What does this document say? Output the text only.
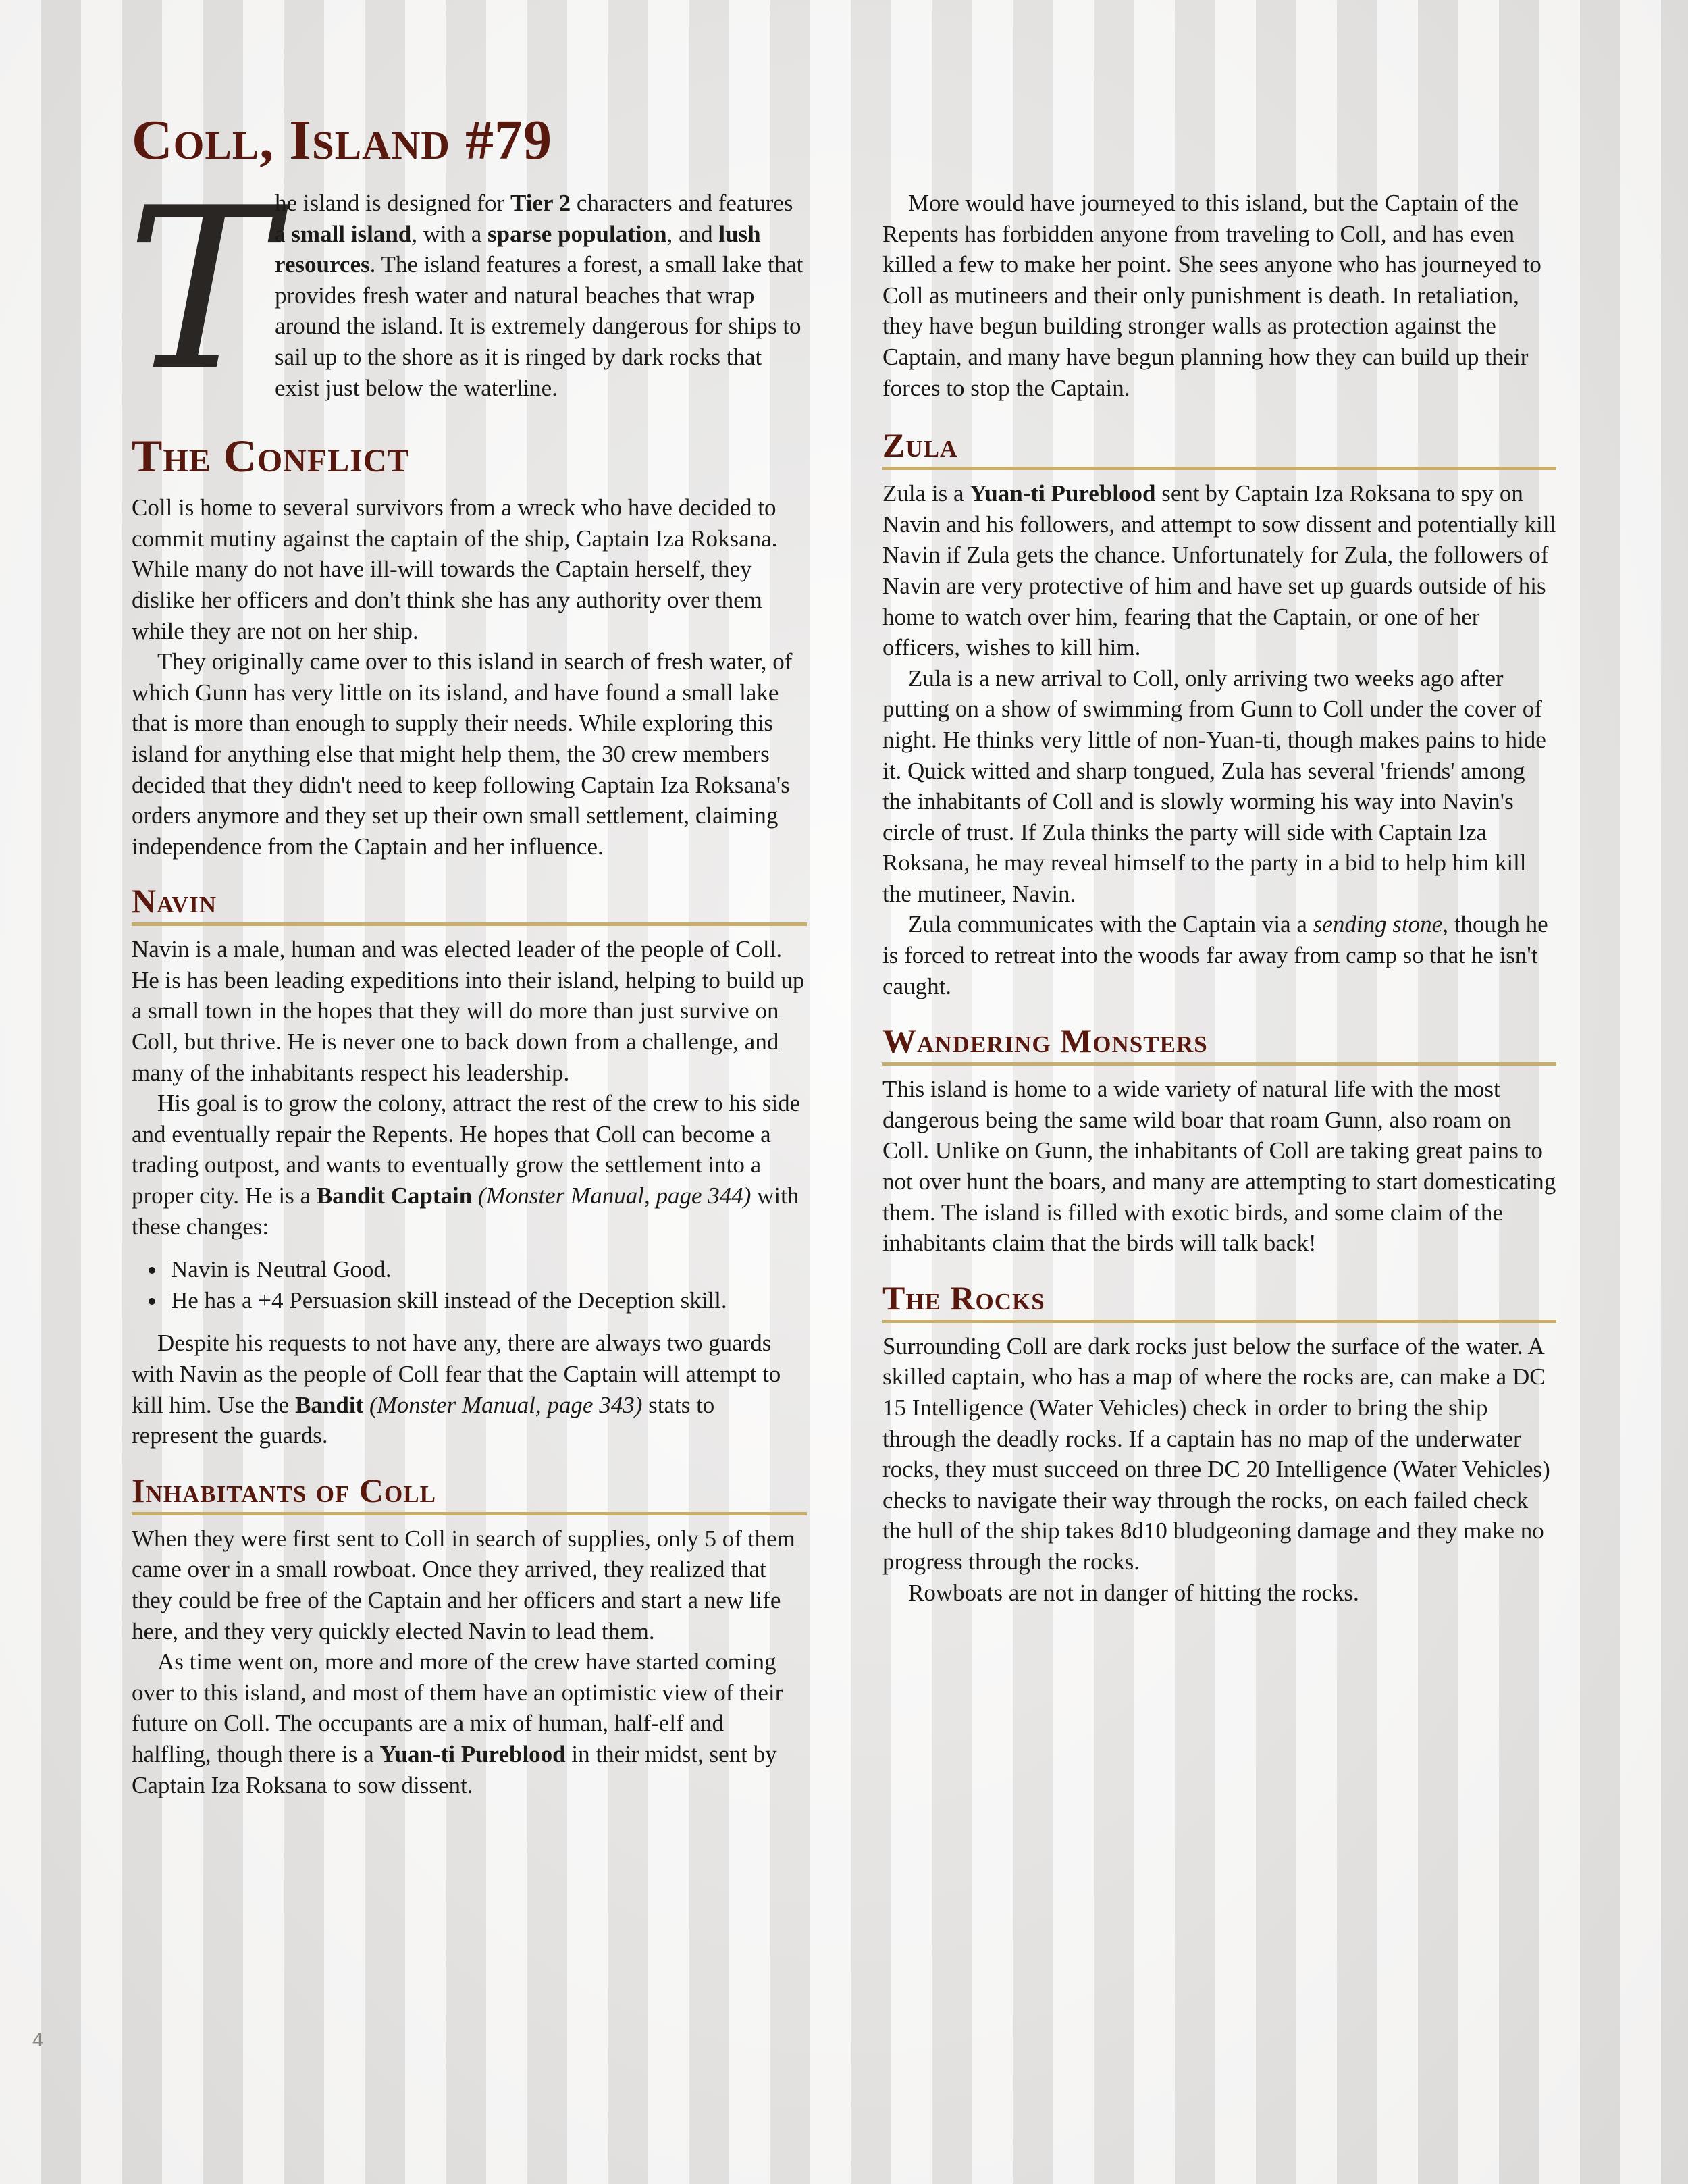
Coll, Island #79

The island is designed for Tier 2 characters and features a small island, with a sparse population, and lush resources. The island features a forest, a small lake that provides fresh water and natural beaches that wrap around the island. It is extremely dangerous for ships to sail up to the shore as it is ringed by dark rocks that exist just below the waterline.

The Conflict

Coll is home to several survivors from a wreck who have decided to commit mutiny against the captain of the ship, Captain Iza Roksana. While many do not have ill-will towards the Captain herself, they dislike her officers and don't think she has any authority over them while they are not on her ship.

They originally came over to this island in search of fresh water, of which Gunn has very little on its island, and have found a small lake that is more than enough to supply their needs. While exploring this island for anything else that might help them, the 30 crew members decided that they didn't need to keep following Captain Iza Roksana's orders anymore and they set up their own small settlement, claiming independence from the Captain and her influence.

Navin

Navin is a male, human and was elected leader of the people of Coll. He is has been leading expeditions into their island, helping to build up a small town in the hopes that they will do more than just survive on Coll, but thrive. He is never one to back down from a challenge, and many of the inhabitants respect his leadership.

His goal is to grow the colony, attract the rest of the crew to his side and eventually repair the Repents. He hopes that Coll can become a trading outpost, and wants to eventually grow the settlement into a proper city. He is a Bandit Captain (Monster Manual, page 344) with these changes:

• Navin is Neutral Good.
• He has a +4 Persuasion skill instead of the Deception skill.

Despite his requests to not have any, there are always two guards with Navin as the people of Coll fear that the Captain will attempt to kill him. Use the Bandit (Monster Manual, page 343) stats to represent the guards.

Inhabitants of Coll

When they were first sent to Coll in search of supplies, only 5 of them came over in a small rowboat. Once they arrived, they realized that they could be free of the Captain and her officers and start a new life here, and they very quickly elected Navin to lead them.

As time went on, more and more of the crew have started coming over to this island, and most of them have an optimistic view of their future on Coll. The occupants are a mix of human, half-elf and halfling, though there is a Yuan-ti Pureblood in their midst, sent by Captain Iza Roksana to sow dissent.

More would have journeyed to this island, but the Captain of the Repents has forbidden anyone from traveling to Coll, and has even killed a few to make her point. She sees anyone who has journeyed to Coll as mutineers and their only punishment is death. In retaliation, they have begun building stronger walls as protection against the Captain, and many have begun planning how they can build up their forces to stop the Captain.

Zula

Zula is a Yuan-ti Pureblood sent by Captain Iza Roksana to spy on Navin and his followers, and attempt to sow dissent and potentially kill Navin if Zula gets the chance. Unfortunately for Zula, the followers of Navin are very protective of him and have set up guards outside of his home to watch over him, fearing that the Captain, or one of her officers, wishes to kill him.

Zula is a new arrival to Coll, only arriving two weeks ago after putting on a show of swimming from Gunn to Coll under the cover of night. He thinks very little of non-Yuan-ti, though makes pains to hide it. Quick witted and sharp tongued, Zula has several 'friends' among the inhabitants of Coll and is slowly worming his way into Navin's circle of trust. If Zula thinks the party will side with Captain Iza Roksana, he may reveal himself to the party in a bid to help him kill the mutineer, Navin.

Zula communicates with the Captain via a sending stone, though he is forced to retreat into the woods far away from camp so that he isn't caught.

Wandering Monsters

This island is home to a wide variety of natural life with the most dangerous being the same wild boar that roam Gunn, also roam on Coll. Unlike on Gunn, the inhabitants of Coll are taking great pains to not over hunt the boars, and many are attempting to start domesticating them. The island is filled with exotic birds, and some claim of the inhabitants claim that the birds will talk back!

The Rocks

Surrounding Coll are dark rocks just below the surface of the water. A skilled captain, who has a map of where the rocks are, can make a DC 15 Intelligence (Water Vehicles) check in order to bring the ship through the deadly rocks. If a captain has no map of the underwater rocks, they must succeed on three DC 20 Intelligence (Water Vehicles) checks to navigate their way through the rocks, on each failed check the hull of the ship takes 8d10 bludgeoning damage and they make no progress through the rocks.

Rowboats are not in danger of hitting the rocks.

4
